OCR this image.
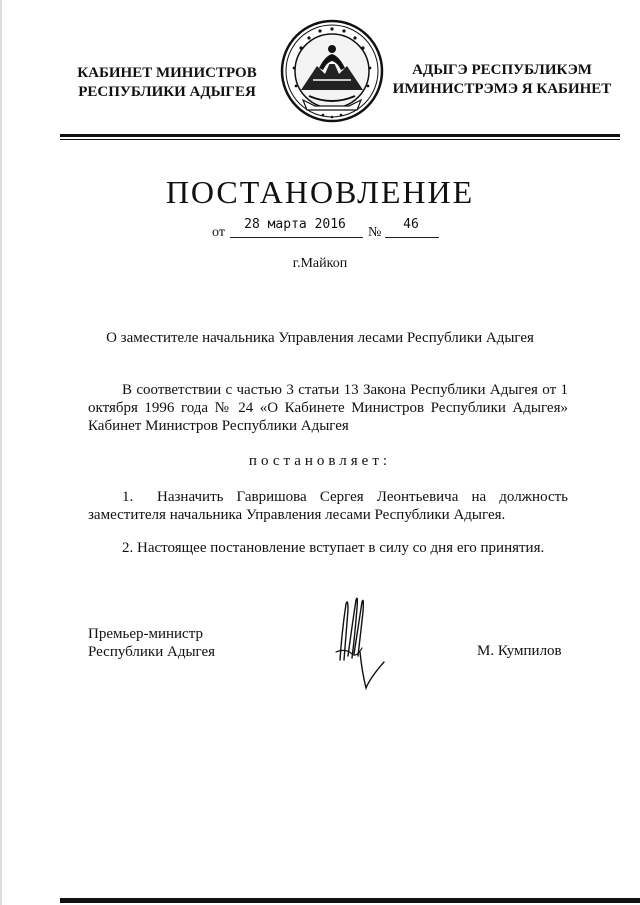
КАБИНЕТ МИНИСТРОВ
РЕСПУБЛИКИ АДЫГЕЯ
АДЫГЭ РЕСПУБЛИКЭМ
ИМИНИСТРЭМЭ Я КАБИНЕТ
ПОСТАНОВЛЕНИЕ
от
28 марта 2016
№
46
г.Майкоп
О заместителе начальника Управления лесами Республики Адыгея
В соответствии с частью 3 статьи 13 Закона Республики Адыгея от 1 октября 1996 года № 24 «О Кабинете Министров Республики Адыгея» Кабинет Министров Республики Адыгея
постановляет:
1. Назначить Гавришова Сергея Леонтьевича на должность
заместителя начальника Управления лесами Республики Адыгея.
2. Настоящее постановление вступает в силу со дня его принятия.
Премьер-министр
Республики Адыгея	М. Кумпилов
